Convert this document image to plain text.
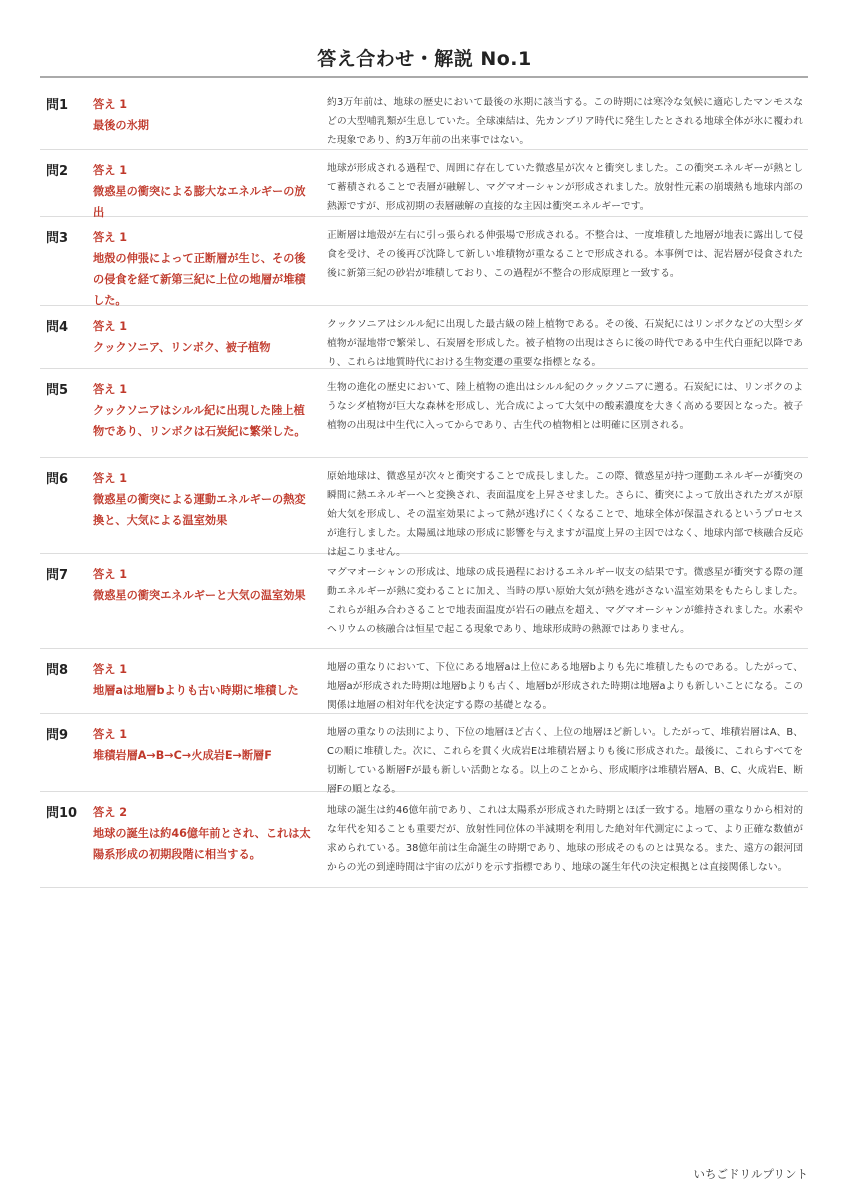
答え合わせ・解説 No.1
問1 答え 1
最後の氷期
約3万年前は、地球の歴史において最後の氷期に該当する。この時期には寒冷な気候に適応したマンモスなどの大型哺乳類が生息していた。全球凍結は、先カンブリア時代に発生したとされる地球全体が氷に覆われた現象であり、約3万年前の出来事ではない。
問2 答え 1
微惑星の衝突による膨大なエネルギーの放出
地球が形成される過程で、周囲に存在していた微惑星が次々と衝突しました。この衝突エネルギーが熱として蓄積されることで表層が融解し、マグマオーシャンが形成されました。放射性元素の崩壊熱も地球内部の熱源ですが、形成初期の表層融解の直接的な主因は衝突エネルギーです。
問3 答え 1
地殻の伸張によって正断層が生じ、その後の侵食を経て新第三紀に上位の地層が堆積した。
正断層は地殻が左右に引っ張られる伸張場で形成される。不整合は、一度堆積した地層が地表に露出して侵食を受け、その後再び沈降して新しい堆積物が重なることで形成される。本事例では、泥岩層が侵食された後に新第三紀の砂岩が堆積しており、この過程が不整合の形成原理と一致する。
問4 答え 1
クックソニア、リンボク、被子植物
クックソニアはシルル紀に出現した最古級の陸上植物である。その後、石炭紀にはリンボクなどの大型シダ植物が湿地帯で繁栄し、石炭層を形成した。被子植物の出現はさらに後の時代である中生代白亜紀以降であり、これらは地質時代における生物変遷の重要な指標となる。
問5 答え 1
クックソニアはシルル紀に出現した陸上植物であり、リンボクは石炭紀に繁栄した。
生物の進化の歴史において、陸上植物の進出はシルル紀のクックソニアに遡る。石炭紀には、リンボクのようなシダ植物が巨大な森林を形成し、光合成によって大気中の酸素濃度を大きく高める要因となった。被子植物の出現は中生代に入ってからであり、古生代の植物相とは明確に区別される。
問6 答え 1
微惑星の衝突による運動エネルギーの熱変換と、大気による温室効果
原始地球は、微惑星が次々と衝突することで成長しました。この際、微惑星が持つ運動エネルギーが衝突の瞬間に熱エネルギーへと変換され、表面温度を上昇させました。さらに、衝突によって放出されたガスが原始大気を形成し、その温室効果によって熱が逃げにくくなることで、地球全体が保温されるというプロセスが進行しました。太陽風は地球の形成に影響を与えますが温度上昇の主因ではなく、地球内部で核融合反応は起こりません。
問7 答え 1
微惑星の衝突エネルギーと大気の温室効果
マグマオーシャンの形成は、地球の成長過程におけるエネルギー収支の結果です。微惑星が衝突する際の運動エネルギーが熱に変わることに加え、当時の厚い原始大気が熱を逃がさない温室効果をもたらしました。これらが組み合わさることで地表面温度が岩石の融点を超え、マグマオーシャンが維持されました。水素やヘリウムの核融合は恒星で起こる現象であり、地球形成時の熱源ではありません。
問8 答え 1
地層aは地層bよりも古い時期に堆積した
地層の重なりにおいて、下位にある地層aは上位にある地層bよりも先に堆積したものである。したがって、地層aが形成された時期は地層bよりも古く、地層bが形成された時期は地層aよりも新しいことになる。この関係は地層の相対年代を決定する際の基礎となる。
問9 答え 1
堆積岩層A→B→C→火成岩E→断層F
地層の重なりの法則により、下位の地層ほど古く、上位の地層ほど新しい。したがって、堆積岩層はA、B、Cの順に堆積した。次に、これらを貫く火成岩Eは堆積岩層よりも後に形成された。最後に、これらすべてを切断している断層Fが最も新しい活動となる。以上のことから、形成順序は堆積岩層A、B、C、火成岩E、断層Fの順となる。
問10 答え 2
地球の誕生は約46億年前とされ、これは太陽系形成の初期段階に相当する。
地球の誕生は約46億年前であり、これは太陽系が形成された時期とほぼ一致する。地層の重なりから相対的な年代を知ることも重要だが、放射性同位体の半減期を利用した絶対年代測定によって、より正確な数値が求められている。38億年前は生命誕生の時期であり、地球の形成そのものとは異なる。また、遠方の銀河団からの光の到達時間は宇宙の広がりを示す指標であり、地球の誕生年代の決定根拠とは直接関係しない。
いちごドリルプリント
